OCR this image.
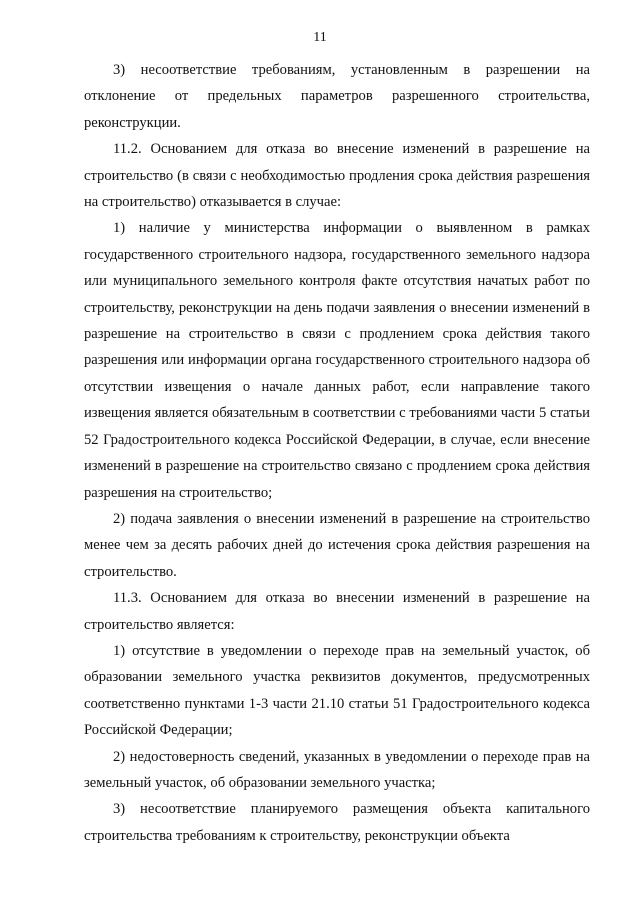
11

3) несоответствие требованиям, установленным в разрешении на отклонение от предельных параметров разрешенного строительства, реконструкции.

11.2. Основанием для отказа во внесение изменений в разрешение на строительство (в связи с необходимостью продления срока действия разрешения на строительство) отказывается в случае:

1) наличие у министерства информации о выявленном в рамках государственного строительного надзора, государственного земельного надзора или муниципального земельного контроля факте отсутствия начатых работ по строительству, реконструкции на день подачи заявления о внесении изменений в разрешение на строительство в связи с продлением срока действия такого разрешения или информации органа государственного строительного надзора об отсутствии извещения о начале данных работ, если направление такого извещения является обязательным в соответствии с требованиями части 5 статьи 52 Градостроительного кодекса Российской Федерации, в случае, если внесение изменений в разрешение на строительство связано с продлением срока действия разрешения на строительство;

2) подача заявления о внесении изменений в разрешение на строительство менее чем за десять рабочих дней до истечения срока действия разрешения на строительство.

11.3. Основанием для отказа во внесении изменений в разрешение на строительство является:

1) отсутствие в уведомлении о переходе прав на земельный участок, об образовании земельного участка реквизитов документов, предусмотренных соответственно пунктами 1-3 части 21.10 статьи 51 Градостроительного кодекса Российской Федерации;

2) недостоверность сведений, указанных в уведомлении о переходе прав на земельный участок, об образовании земельного участка;

3) несоответствие планируемого размещения объекта капитального строительства требованиям к строительству, реконструкции объекта
